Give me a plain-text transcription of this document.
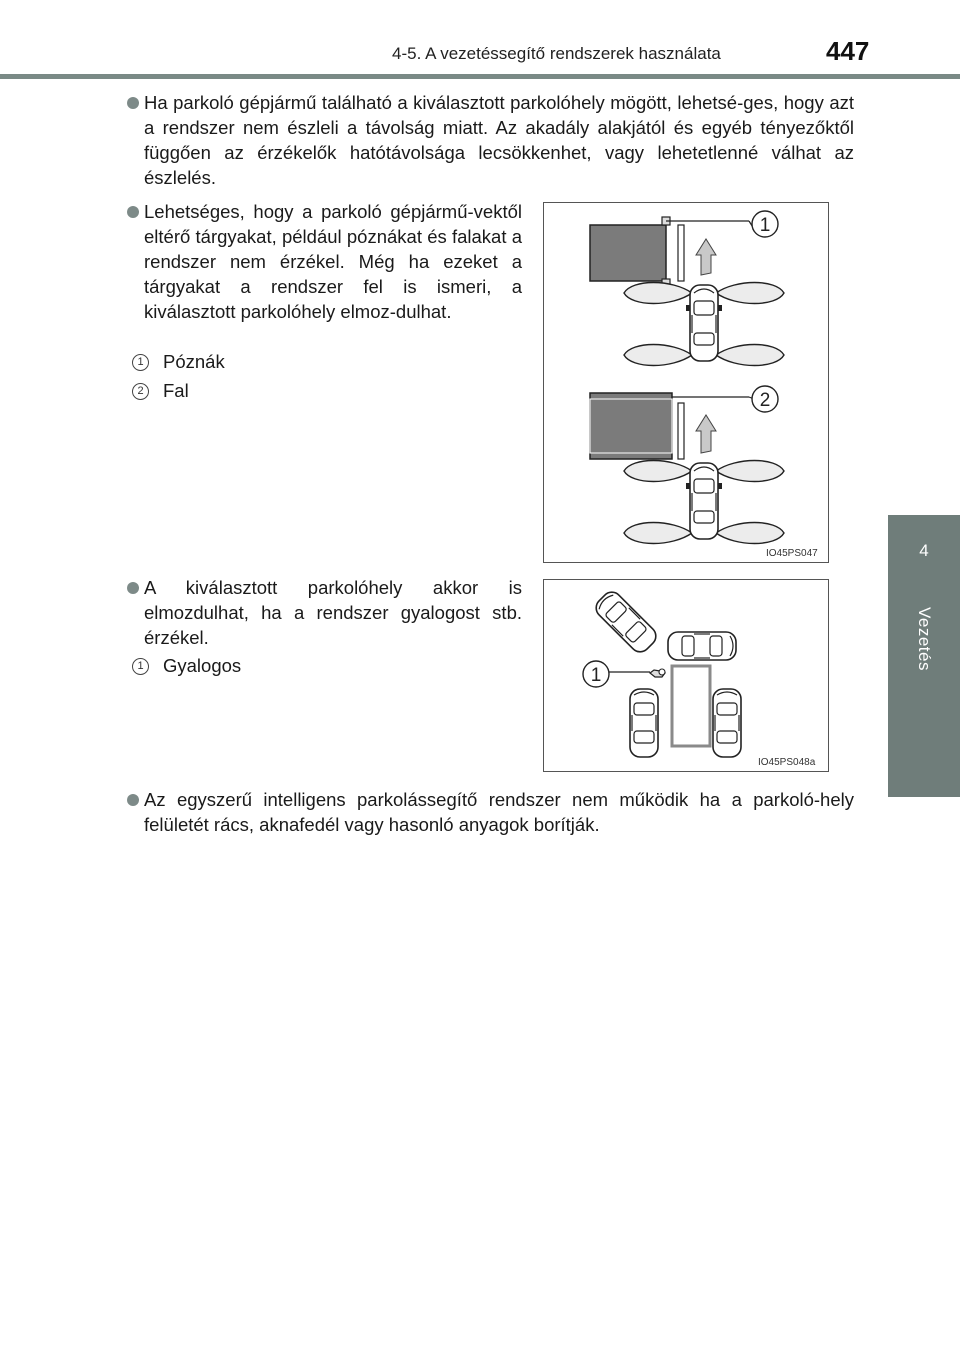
4-5. A vezetéssegítő rendszerek használata	447
4
Vezetés
Ha parkoló gépjármű található a kiválasztott parkolóhely mögött, lehetsé-ges, hogy azt a rendszer nem észleli a távolság miatt. Az akadály alakjától és egyéb tényezőktől függően az érzékelők hatótávolsága lecsökkenhet, vagy lehetetlenné válhat az észlelés.
Lehetséges, hogy a parkoló gépjármű-vektől eltérő tárgyakat, például póznákat és falakat a rendszer nem érzékel. Még ha ezeket a tárgyakat a rendszer fel is ismeri, a kiválasztott parkolóhely elmoz-dulhat.
1 Póznák
2 Fal
1
2
IO45PS047
A kiválasztott parkolóhely akkor is elmozdulhat, ha a rendszer gyalogost stb. érzékel.
1 Gyalogos	1
IO45PS048a
Az egyszerű intelligens parkolássegítő rendszer nem működik ha a parkoló-hely felületét rács, aknafedél vagy hasonló anyagok borítják.
